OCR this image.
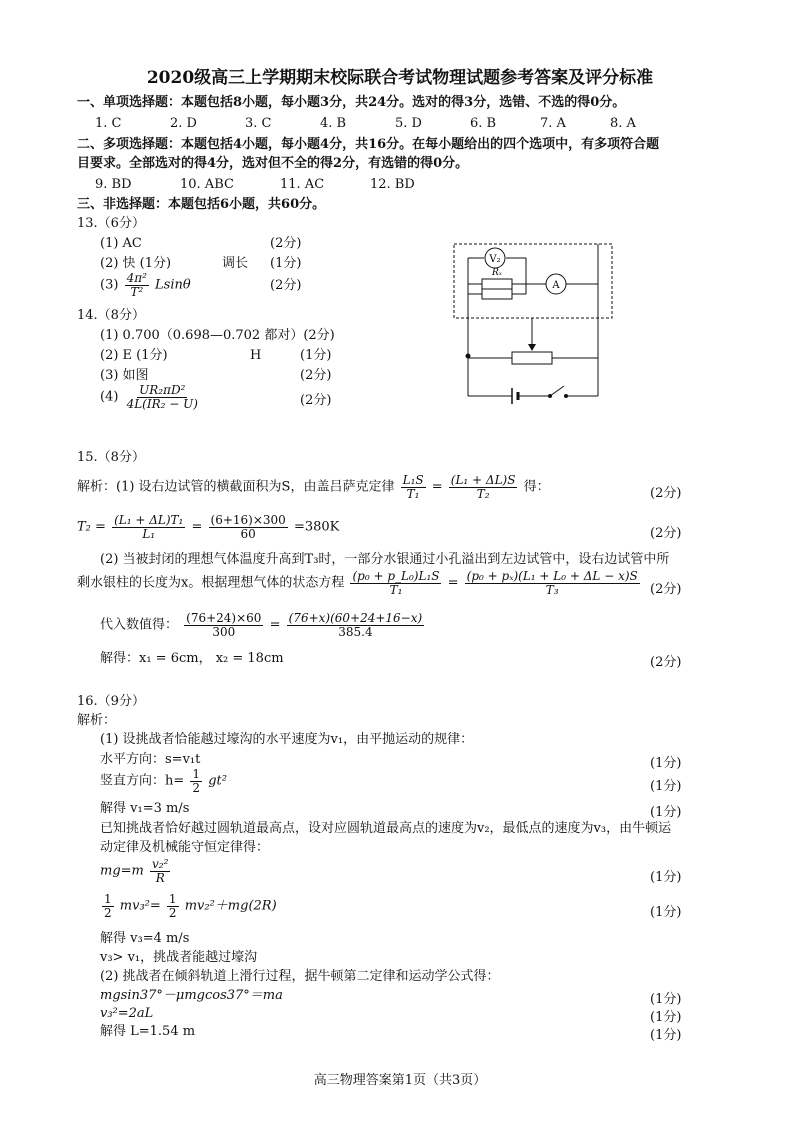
2020级高三上学期期末校际联合考试物理试题参考答案及评分标准
一、单项选择题：本题包括8小题，每小题3分，共24分。选对的得3分，选错、不选的得0分。
1. C	2. D	3. C	4. B	5. D	6. B	7. A	8. A
二、多项选择题：本题包括4小题，每小题4分，共16分。在每小题给出的四个选项中，有多项符合题
目要求。全部选对的得4分，选对但不全的得2分，有选错的得0分。
9. BD	10. ABC	11. AC	12. BD
三、非选择题：本题包括6小题，共60分。
13.（6分）
(1) AC	(2分)
(2) 快 (1分)	调长 (1分)
$(3) \frac{\text{4π²}}{\text{T²}}$ Lsinθ	(2分)
V₂
Rₓ
A
14.（8分）
(1) 0.700（0.698—0.702 都对）(2分)
(2) E (1分)	H	(1分)
(3) 如图	(2分)
$(4) \frac{\text{UR₂πD²}}{\text{4L(IR₂ − U)}}$	(2分)
15.（8分）
解析：(1) 设右边试管的横截面积为S，由盖吕萨克定律 $\frac{\text{L₁S}}{\text{T₁}} = \frac{\text{(L₁ + ΔL)S}}{\text{T₂}}$ 得：	(2分)
$T_2 = \frac{\text{(L₁ + ΔL)T₁}}{\text{L₁}} = \frac{(6+16)\times 300}{60} =380K$	(2分)
(2) 当被封闭的理想气体温度升高到T₃时，一部分水银通过小孔溢出到左边试管中，设右边试管中所
剩水银柱的长度为x。根据理想气体的状态方程 $\frac{\text{(p₀ + p\_L₀)L₁S}}{\text{T₁}} = \frac{\text{(p₀ + pₓ)(L₁ + L₀ + ΔL − x)S}}{\text{T₃}} (2$分)
代入数值得： $\frac{(76+24)\times 60}{300} = \frac{(76+x)(60+24+16-x)}{385.4}$
解得：x₁ = 6cm， x₂ = 18cm	(2分)
16.（9分）
解析：
(1) 设挑战者恰能越过壕沟的水平速度为v₁，由平抛运动的规律：
水平方向：s=v₁t	(1分)
竖直方向：$h= \frac{1}{2} gt^2$	(1分)
解得 v₁=3 m/s	(1分)
已知挑战者恰好越过圆轨道最高点，设对应圆轨道最高点的速度为v₂，最低点的速度为v₃，由牛顿运
动定律及机械能守恒定律得：
$mg=m \frac{\text{v₂²}}{R}$	(1分)
$\frac{1}{2} mv_3^2= \frac{1}{2} mv_2^2+mg(2R)$	(1分)
解得 v₃=4 m/s
v₃> v₁，挑战者能越过壕沟
(2) 挑战者在倾斜轨道上滑行过程，据牛顿第二定律和运动学公式得：
mgsin37°－μmgcos37°＝ma	(1分)
v₃²=2aL	(1分)
解得 L=1.54 m	(1分)
高三物理答案第1页（共3页）
